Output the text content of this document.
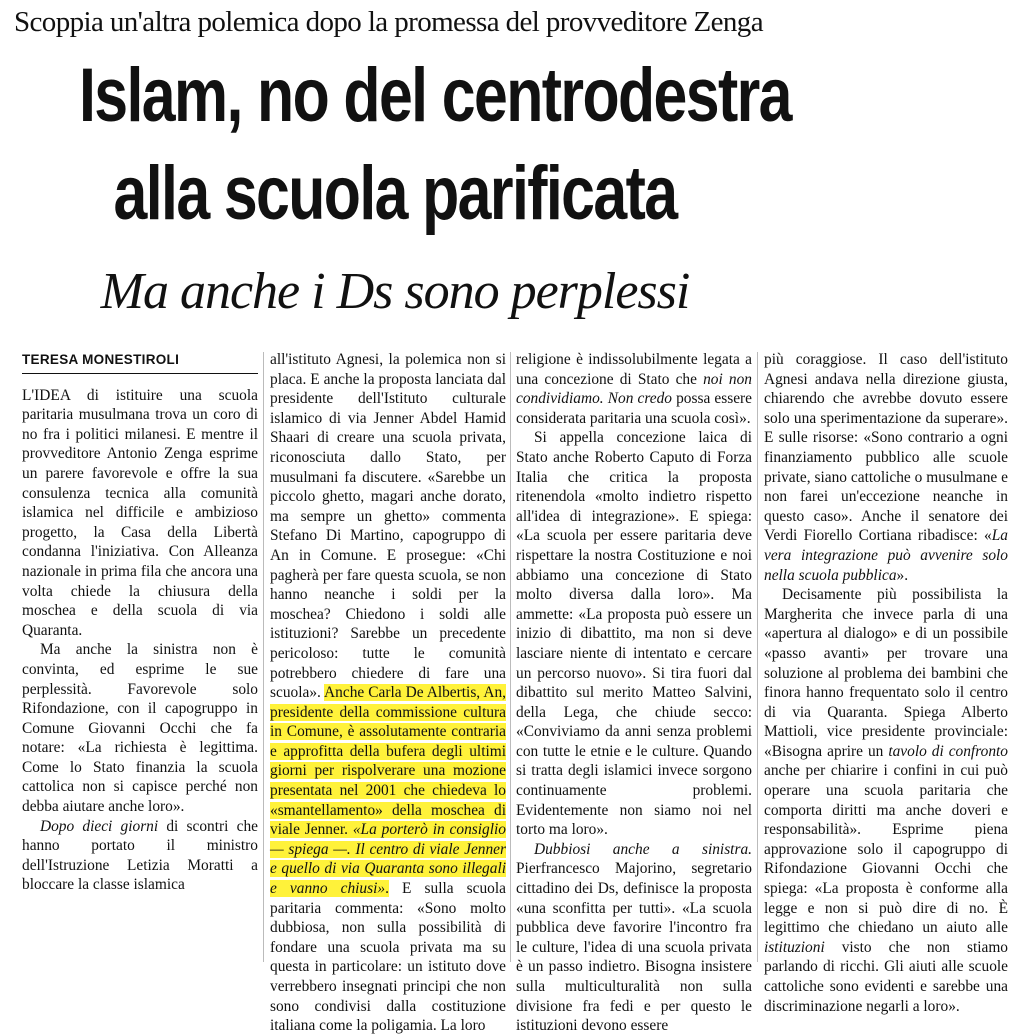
Scoppia un'altra polemica dopo la promessa del provveditore Zenga
Islam, no del centrodestra
alla scuola parificata
Ma anche i Ds sono perplessi
TERESA MONESTIROLI

L'IDEA di istituire una scuola paritaria musulmana trova un coro di no fra i politici milanesi. E mentre il provveditore Antonio Zenga esprime un parere favorevole e offre la sua consulenza tecnica alla comunità islamica nel difficile e ambizioso progetto, la Casa della Libertà condanna l'iniziativa. Con Alleanza nazionale in prima fila che ancora una volta chiede la chiusura della moschea e della scuola di via Quaranta.

Ma anche la sinistra non è convinta, ed esprime le sue perplessità. Favorevole solo Rifondazione, con il capogruppo in Comune Giovanni Occhi che fa notare: «La richiesta è legittima. Come lo Stato finanzia la scuola cattolica non si capisce perché non debba aiutare anche loro».

Dopo dieci giorni di scontri che hanno portato il ministro dell'Istruzione Letizia Moratti a bloccare la classe islamica

all'istituto Agnesi, la polemica non si placa. E anche la proposta lanciata dal presidente dell'Istituto culturale islamico di via Jenner Abdel Hamid Shaari di creare una scuola privata, riconosciuta dallo Stato, per musulmani fa discutere. «Sarebbe un piccolo ghetto, magari anche dorato, ma sempre un ghetto» commenta Stefano Di Martino, capogruppo di An in Comune. E prosegue: «Chi pagherà per fare questa scuola, se non hanno neanche i soldi per la moschea? Chiedono i soldi alle istituzioni? Sarebbe un precedente pericoloso: tutte le comunità potrebbero chiedere di fare una scuola». Anche Carla De Albertis, An, presidente della commissione cultura in Comune, è assolutamente contraria e approfitta della bufera degli ultimi giorni per rispolverare una mozione presentata nel 2001 che chiedeva lo «smantellamento» della moschea di viale Jenner. «La porterò in consiglio — spiega —. Il centro di viale Jenner e quello di via Quaranta sono illegali e vanno chiusi». E sulla scuola paritaria commenta: «Sono molto dubbiosa, non sulla possibilità di fondare una scuola privata ma su questa in particolare: un istituto dove verrebbero insegnati principi che non sono condivisi dalla costituzione italiana come la poligamia. La loro

religione è indissolubilmente legata a una concezione di Stato che noi non condividiamo. Non credo possa essere considerata paritaria una scuola così».

Si appella concezione laica di Stato anche Roberto Caputo di Forza Italia che critica la proposta ritenendola «molto indietro rispetto all'idea di integrazione». E spiega: «La scuola per essere paritaria deve rispettare la nostra Costituzione e noi abbiamo una concezione di Stato molto diversa dalla loro». Ma ammette: «La proposta può essere un inizio di dibattito, ma non si deve lasciare niente di intentato e cercare un percorso nuovo». Si tira fuori dal dibattito sul merito Matteo Salvini, della Lega, che chiude secco: «Conviviamo da anni senza problemi con tutte le etnie e le culture. Quando si tratta degli islamici invece sorgono continuamente problemi. Evidentemente non siamo noi nel torto ma loro».

Dubbiosi anche a sinistra. Pierfrancesco Majorino, segretario cittadino dei Ds, definisce la proposta «una sconfitta per tutti». «La scuola pubblica deve favorire l'incontro fra le culture, l'idea di una scuola privata è un passo indietro. Bisogna insistere sulla multiculturalità non sulla divisione fra fedi e per questo le istituzioni devono essere

più coraggiose. Il caso dell'istituto Agnesi andava nella direzione giusta, chiarendo che avrebbe dovuto essere solo una sperimentazione da superare». E sulle risorse: «Sono contrario a ogni finanziamento pubblico alle scuole private, siano cattoliche o musulmane e non farei un'eccezione neanche in questo caso». Anche il senatore dei Verdi Fiorello Cortiana ribadisce: «La vera integrazione può avvenire solo nella scuola pubblica».

Decisamente più possibilista la Margherita che invece parla di una «apertura al dialogo» e di un possibile «passo avanti» per trovare una soluzione al problema dei bambini che finora hanno frequentato solo il centro di via Quaranta. Spiega Alberto Mattioli, vice presidente provinciale: «Bisogna aprire un tavolo di confronto anche per chiarire i confini in cui può operare una scuola paritaria che comporta diritti ma anche doveri e responsabilità». Esprime piena approvazione solo il capogruppo di Rifondazione Giovanni Occhi che spiega: «La proposta è conforme alla legge e non si può dire di no. È legittimo che chiedano un aiuto alle istituzioni visto che non stiamo parlando di ricchi. Gli aiuti alle scuole cattoliche sono evidenti e sarebbe una discriminazione negarli a loro».
